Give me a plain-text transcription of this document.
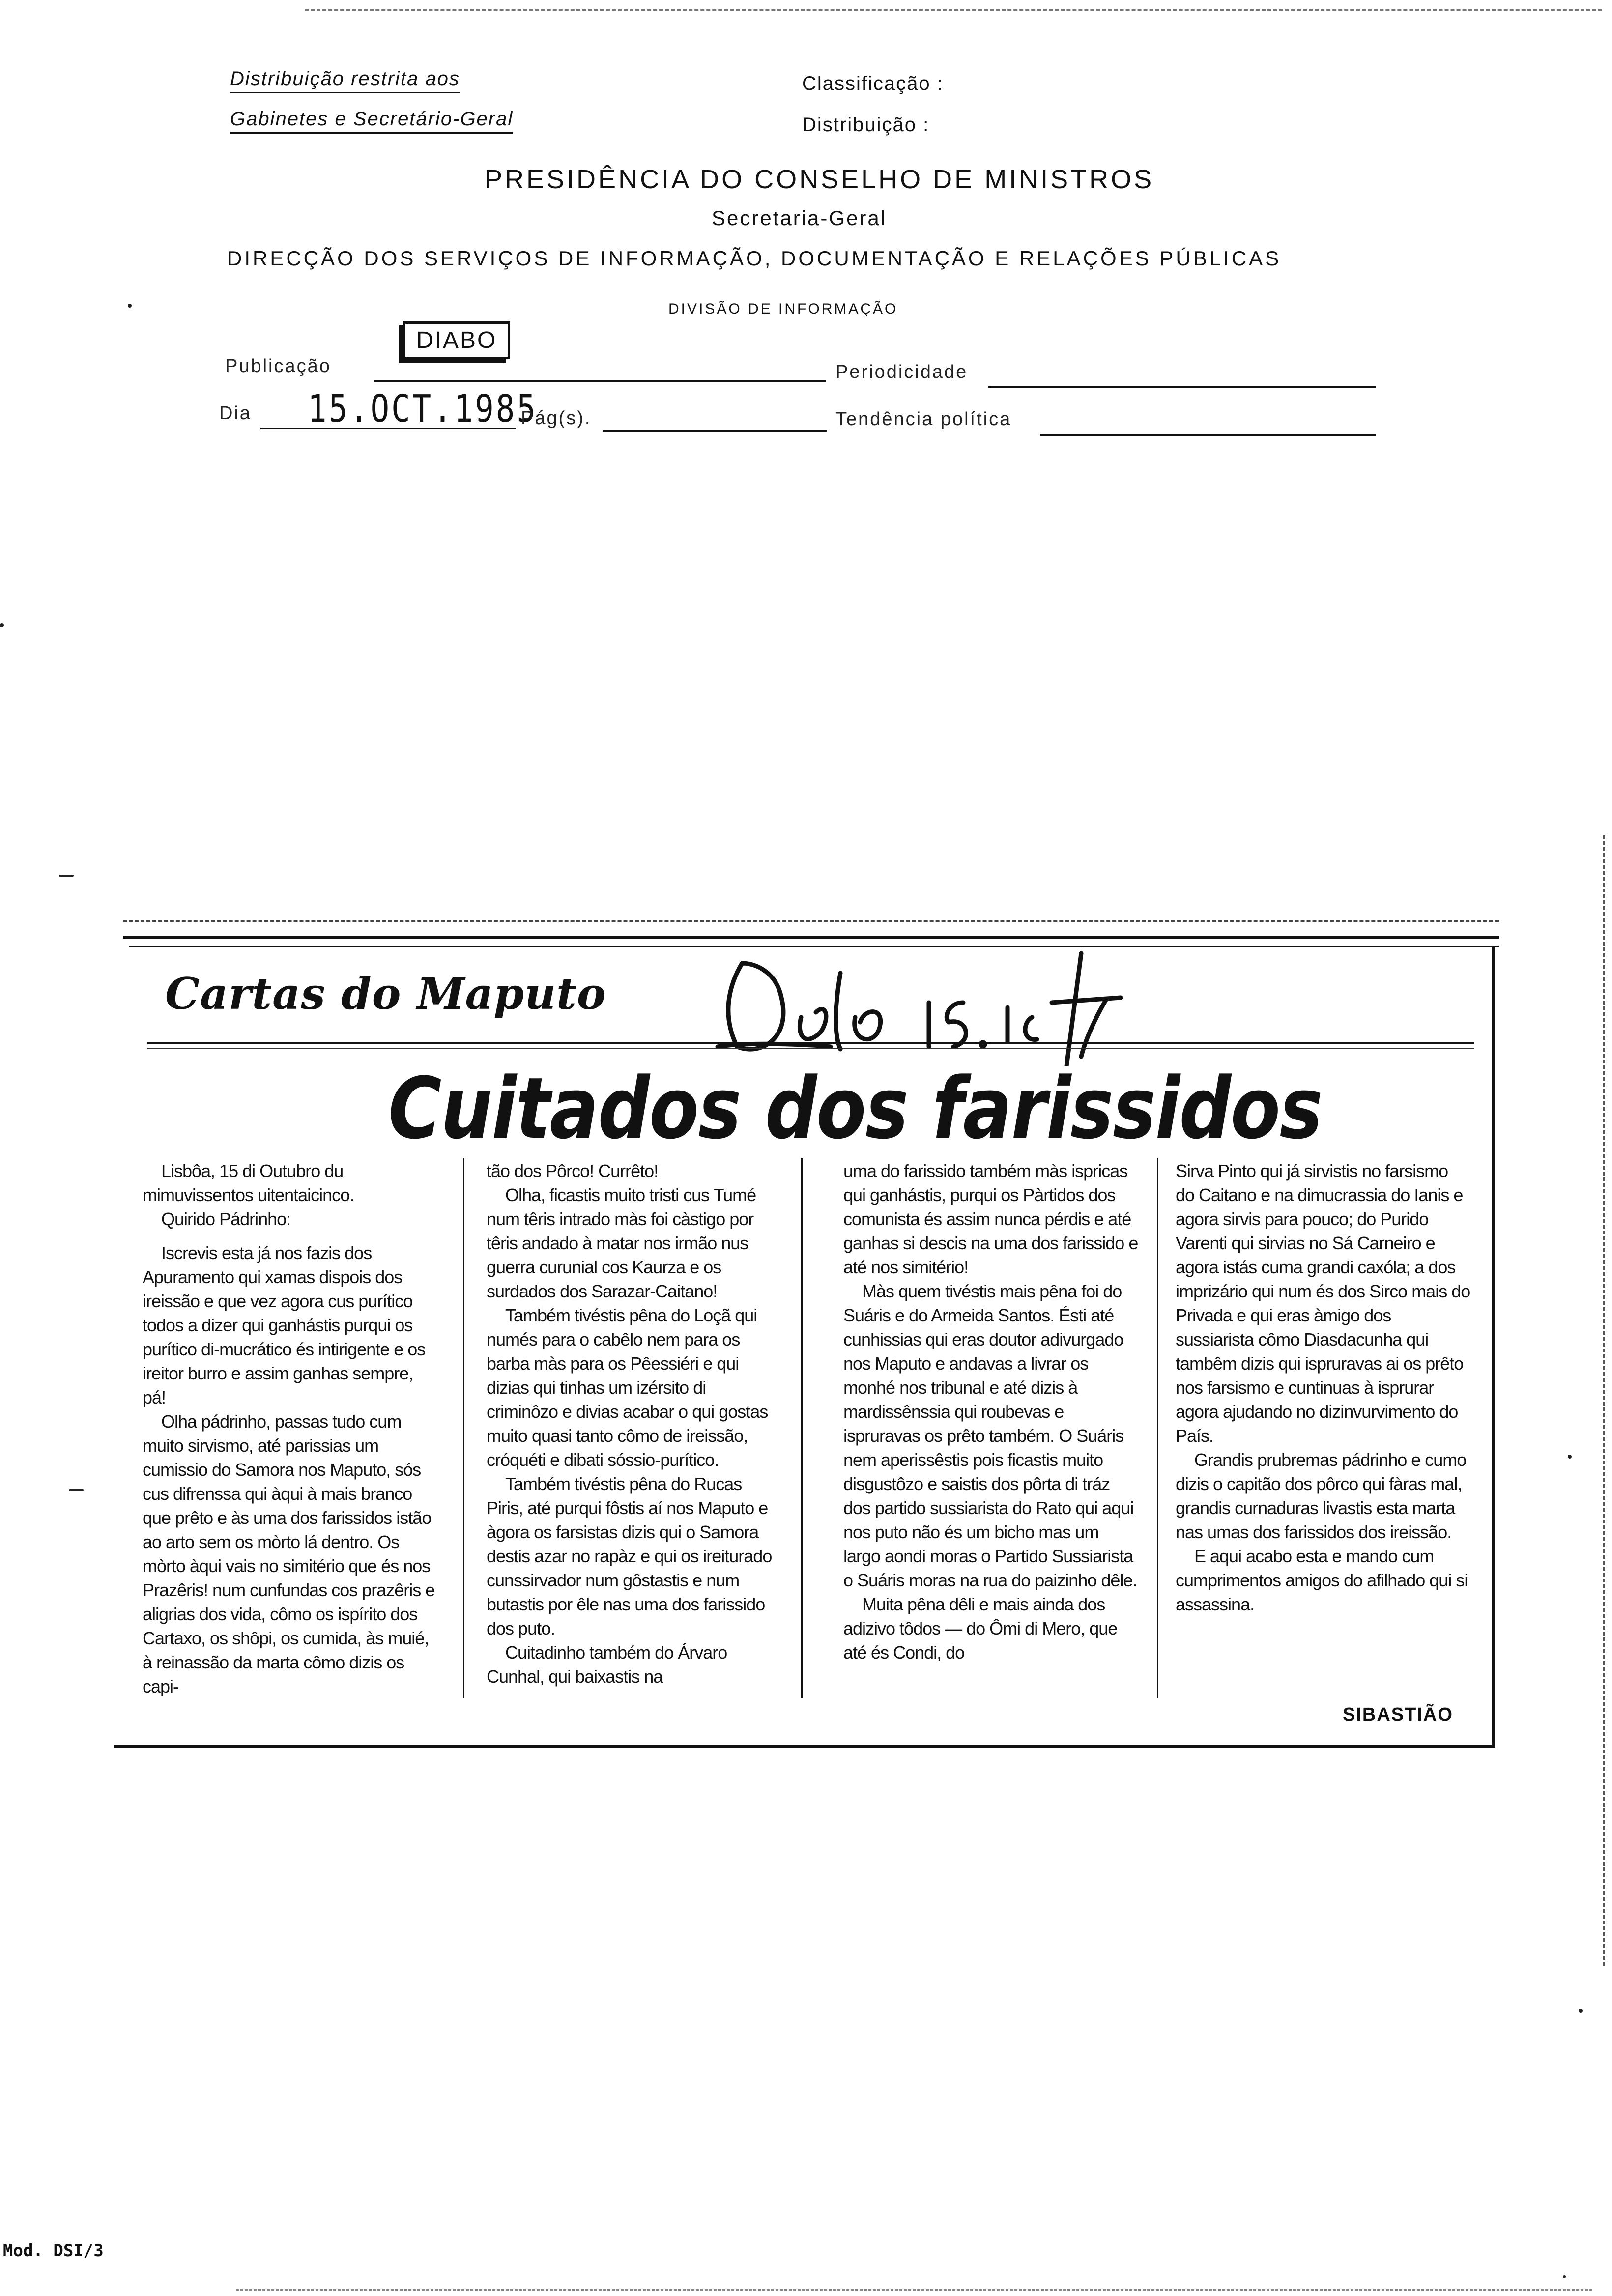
Distribuição restrita aos
Gabinetes e Secretário-Geral
Classificação :
Distribuição :
PRESIDÊNCIA DO CONSELHO DE MINISTROS
Secretaria-Geral
DIRECÇÃO DOS SERVIÇOS DE INFORMAÇÃO, DOCUMENTAÇÃO E RELAÇÕES PÚBLICAS
DIVISÃO DE INFORMAÇÃO
Publicação
DIABO
Periodicidade
Dia 15.OCT.1985
Pág(s).	Tendência política
Cartas do Maputo
Cuitados dos farissidos

Lisbôa, 15 di Outubro du mimuvissentos uitentaicinco.

Quirido Pádrinho:

Iscrevis esta já nos fazis dos Apuramento qui xamas dispois dos ireissão e que vez agora cus purítico todos a dizer qui ganhástis purqui os purítico di-mucrático és intirigente e os ireitor burro e assim ganhas sempre, pá!

Olha pádrinho, passas tudo cum muito sirvismo, até parissias um cumissio do Samora nos Maputo, sós cus difrenssa qui àqui à mais branco que prêto e às uma dos farissidos istão ao arto sem os mòrto lá dentro. Os mòrto àqui vais no simitério que és nos Prazêris! num cunfundas cos prazêris e aligrias dos vida, cômo os ispírito dos Cartaxo, os shôpi, os cumida, às muié, à reinassão da marta cômo dizis os capi-

tão dos Pôrco! Currêto!

Olha, ficastis muito tristi cus Tumé num têris intrado màs foi càstigo por têris andado à matar nos irmão nus guerra curunial cos Kaurza e os surdados dos Sarazar-Caitano!

Também tivéstis pêna do Loçã qui numés para o cabêlo nem para os barba màs para os Pêessiéri e qui dizias qui tinhas um izérsito di criminôzo e divias acabar o qui gostas muito quasi tanto cômo de ireissão, cróquéti e dibati sóssio-purítico.

Também tivéstis pêna do Rucas Piris, até purqui fôstis aí nos Maputo e àgora os farsistas dizis qui o Samora destis azar no rapàz e qui os ireiturado cunssirvador num gôstastis e num butastis por êle nas uma dos farissido dos puto.

Cuitadinho também do Árvaro Cunhal, qui baixastis na

uma do farissido também màs ispricas qui ganhástis, purqui os Pàrtidos dos comunista és assim nunca pérdis e até ganhas si descis na uma dos farissido e até nos simitério!

Màs quem tivéstis mais pêna foi do Suáris e do Armeida Santos. Ésti até cunhissias qui eras doutor adivurgado nos Maputo e andavas a livrar os monhé nos tribunal e até dizis à mardissênssia qui roubevas e ispruravas os prêto também. O Suáris nem aperissêstis pois ficastis muito disgustôzo e saistis dos pôrta di tráz dos partido sussiarista do Rato qui aqui nos puto não és um bicho mas um largo aondi moras o Partido Sussiarista o Suáris moras na rua do paizinho dêle.

Muita pêna dêli e mais ainda dos adizivo tôdos — do Ômi di Mero, que até és Condi, do

Sirva Pinto qui já sirvistis no farsismo do Caitano e na dimucrassia do Ianis e agora sirvis para pouco; do Purido Varenti qui sirvias no Sá Carneiro e agora istás cuma grandi caxóla; a dos imprizário qui num és dos Sirco mais do Privada e qui eras àmigo dos sussiarista cômo Diasdacunha qui tambêm dizis qui ispruravas ai os prêto nos farsismo e cuntinuas à isprurar agora ajudando no dizinvurvimento do País.

Grandis prubremas pádrinho e cumo dizis o capitão dos pôrco qui fàras mal, grandis curnaduras livastis esta marta nas umas dos farissidos dos ireissão.

E aqui acabo esta e mando cum cumprimentos amigos do afilhado qui si assassina.

SIBASTIÃO
Mod. DSI/3
